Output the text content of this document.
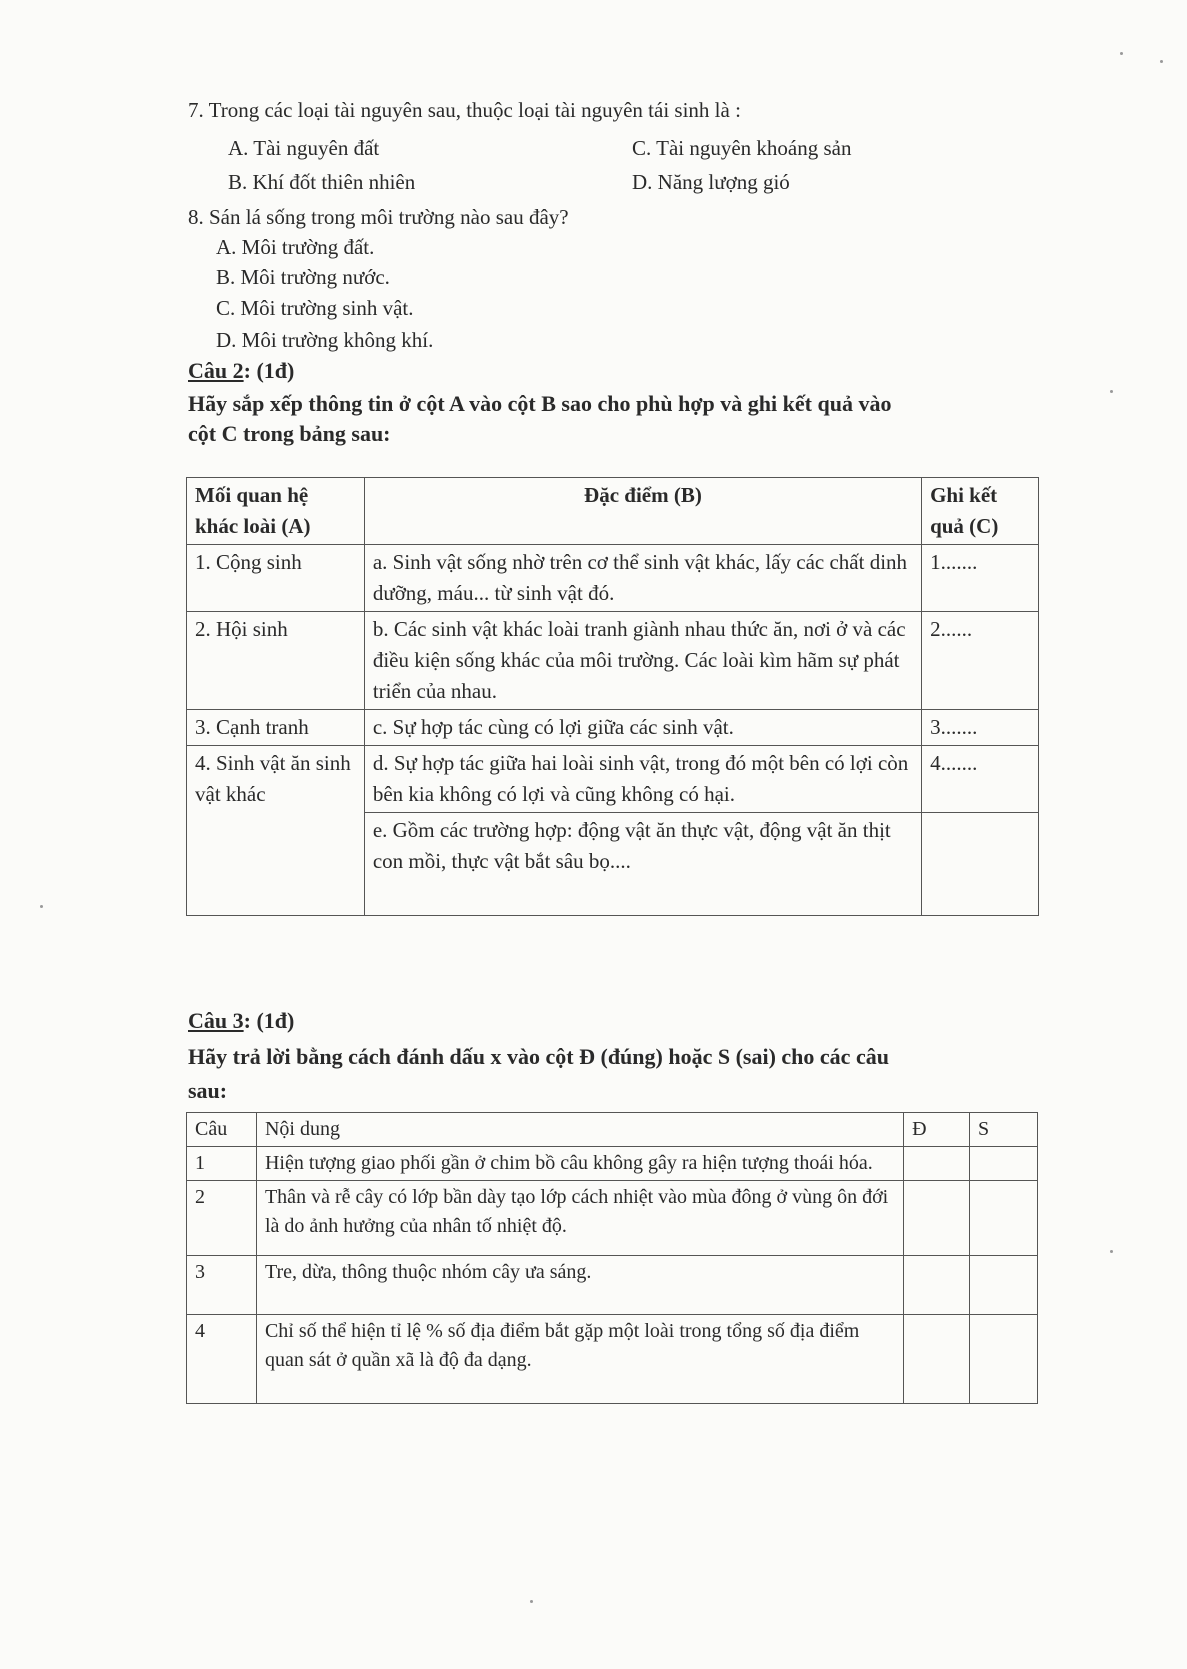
7. Trong các loại tài nguyên sau, thuộc loại tài nguyên tái sinh là :
A. Tài nguyên đất	C. Tài nguyên khoáng sản
B. Khí đốt thiên nhiên	D. Năng lượng gió
8. Sán lá sống trong môi trường nào sau đây?
A. Môi trường đất.
B. Môi trường nước.
C. Môi trường sinh vật.
D. Môi trường không khí.
Câu 2: (1đ)
Hãy sắp xếp thông tin ở cột A vào cột B sao cho phù hợp và ghi kết quả vào
cột C trong bảng sau:
Mối quan hệ khác loài (A)	Đặc điểm (B)	Ghi kết quả (C)
1. Cộng sinh	a. Sinh vật sống nhờ trên cơ thể sinh vật khác, lấy các chất dinh dưỡng, máu... từ sinh vật đó.	1.......
2. Hội sinh	b. Các sinh vật khác loài tranh giành nhau thức ăn, nơi ở và các điều kiện sống khác của môi trường. Các loài kìm hãm sự phát triển của nhau.	2......
3. Cạnh tranh	c. Sự hợp tác cùng có lợi giữa các sinh vật.	3.......
4. Sinh vật ăn sinh vật khác	d. Sự hợp tác giữa hai loài sinh vật, trong đó một bên có lợi còn bên kia không có lợi và cũng không có hại.	4.......
	e. Gồm các trường hợp: động vật ăn thực vật, động vật ăn thịt con mồi, thực vật bắt sâu bọ....	
Câu 3: (1đ)
Hãy trả lời bằng cách đánh dấu x vào cột Đ (đúng) hoặc S (sai) cho các câu
sau:
Câu	Nội dung	Đ	S
1	Hiện tượng giao phối gần ở chim bồ câu không gây ra hiện tượng thoái hóa.		
2	Thân và rễ cây có lớp bần dày tạo lớp cách nhiệt vào mùa đông ở vùng ôn đới là do ảnh hưởng của nhân tố nhiệt độ.		
3	Tre, dừa, thông thuộc nhóm cây ưa sáng.		
4	Chỉ số thể hiện tỉ lệ % số địa điểm bắt gặp một loài trong tổng số địa điểm quan sát ở quần xã là độ đa dạng.		
